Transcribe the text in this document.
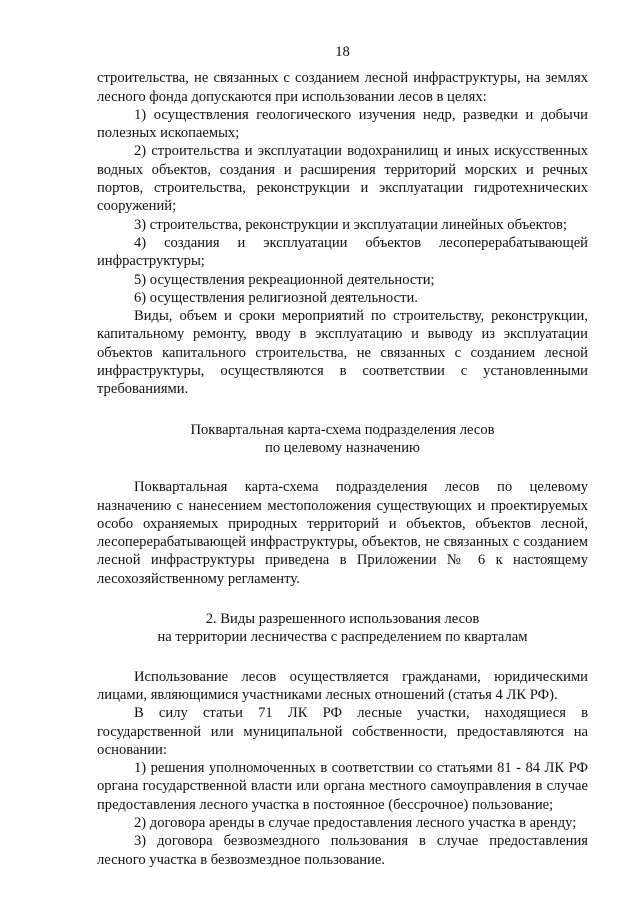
18

строительства, не связанных с созданием лесной инфраструктуры, на землях лесного фонда допускаются при использовании лесов в целях:

1) осуществления геологического изучения недр, разведки и добычи полезных ископаемых;

2) строительства и эксплуатации водохранилищ и иных искусственных водных объектов, создания и расширения территорий морских и речных портов, строительства, реконструкции и эксплуатации гидротехнических сооружений;

3) строительства, реконструкции и эксплуатации линейных объектов;

4) создания и эксплуатации объектов лесоперерабатывающей инфраструктуры;

5) осуществления рекреационной деятельности;

6) осуществления религиозной деятельности.

Виды, объем и сроки мероприятий по строительству, реконструкции, капитальному ремонту, вводу в эксплуатацию и выводу из эксплуатации объектов капитального строительства, не связанных с созданием лесной инфраструктуры, осуществляются в соответствии с установленными требованиями.

Поквартальная карта-схема подразделения лесов
по целевому назначению

Поквартальная карта-схема подразделения лесов по целевому назначению с нанесением местоположения существующих и проектируемых особо охраняемых природных территорий и объектов, объектов лесной, лесоперерабатывающей инфраструктуры, объектов, не связанных с созданием лесной инфраструктуры приведена в Приложении № 6 к настоящему лесохозяйственному регламенту.

2. Виды разрешенного использования лесов
на территории лесничества с распределением по кварталам

Использование лесов осуществляется гражданами, юридическими лицами, являющимися участниками лесных отношений (статья 4 ЛК РФ).

В силу статьи 71 ЛК РФ лесные участки, находящиеся в государственной или муниципальной собственности, предоставляются на основании:

1) решения уполномоченных в соответствии со статьями 81 - 84 ЛК РФ органа государственной власти или органа местного самоуправления в случае предоставления лесного участка в постоянное (бессрочное) пользование;

2) договора аренды в случае предоставления лесного участка в аренду;

3) договора безвозмездного пользования в случае предоставления лесного участка в безвозмездное пользование.
